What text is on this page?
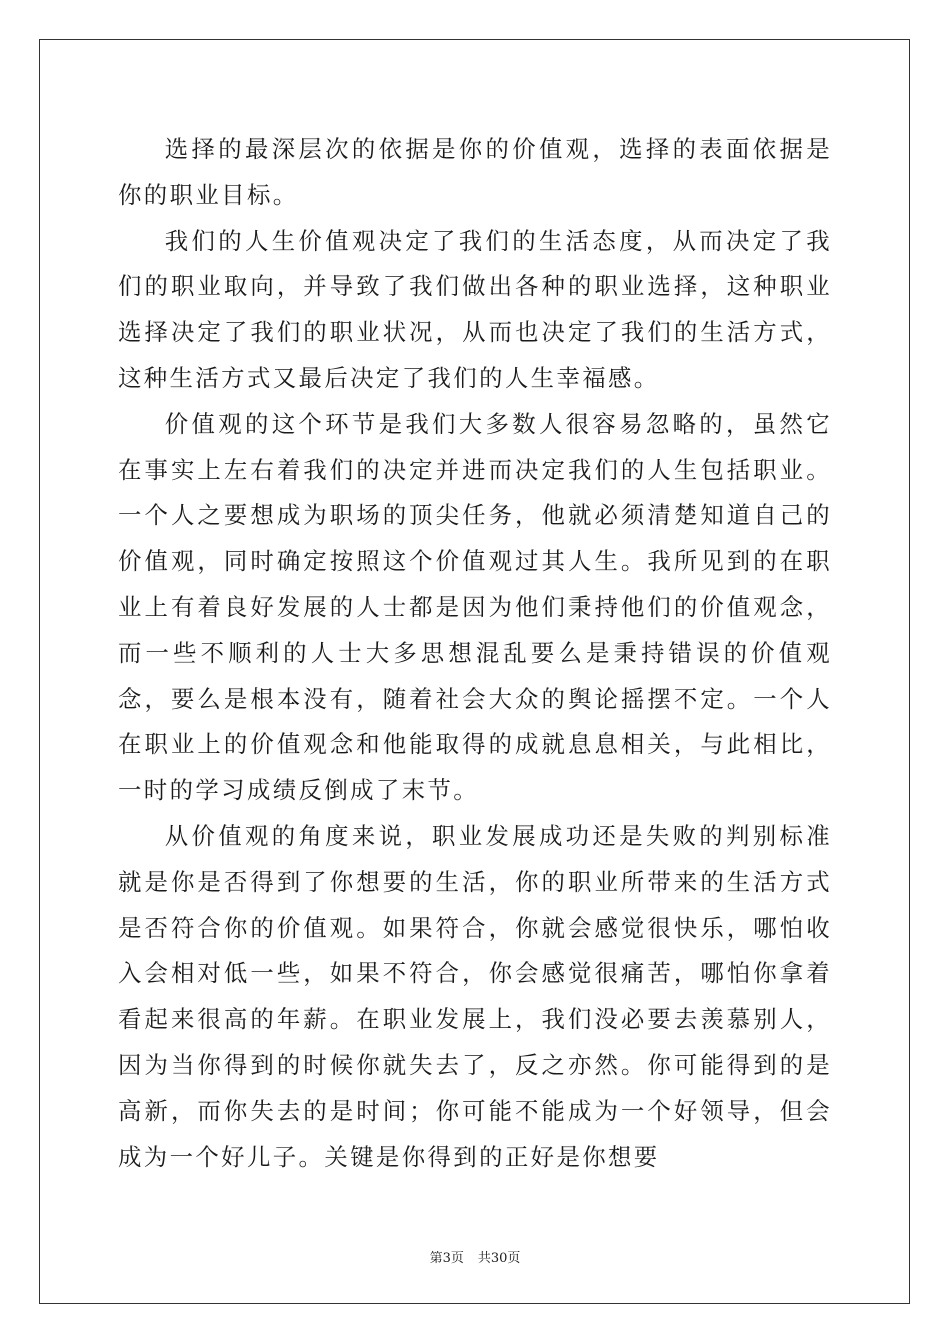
选择的最深层次的依据是你的价值观，选择的表面依据是你的职业目标。

我们的人生价值观决定了我们的生活态度，从而决定了我们的职业取向，并导致了我们做出各种的职业选择，这种职业选择决定了我们的职业状况，从而也决定了我们的生活方式，这种生活方式又最后决定了我们的人生幸福感。

价值观的这个环节是我们大多数人很容易忽略的，虽然它在事实上左右着我们的决定并进而决定我们的人生包括职业。一个人之要想成为职场的顶尖任务，他就必须清楚知道自己的价值观，同时确定按照这个价值观过其人生。我所见到的在职业上有着良好发展的人士都是因为他们秉持他们的价值观念，而一些不顺利的人士大多思想混乱要么是秉持错误的价值观念，要么是根本没有，随着社会大众的舆论摇摆不定。一个人在职业上的价值观念和他能取得的成就息息相关，与此相比，一时的学习成绩反倒成了末节。

从价值观的角度来说，职业发展成功还是失败的判别标准就是你是否得到了你想要的生活，你的职业所带来的生活方式是否符合你的价值观。如果符合，你就会感觉很快乐，哪怕收入会相对低一些，如果不符合，你会感觉很痛苦，哪怕你拿着看起来很高的年薪。在职业发展上，我们没必要去羡慕别人，因为当你得到的时候你就失去了，反之亦然。你可能得到的是高新，而你失去的是时间；你可能不能成为一个好领导，但会成为一个好儿子。关键是你得到的正好是你想要

第3页 共30页
